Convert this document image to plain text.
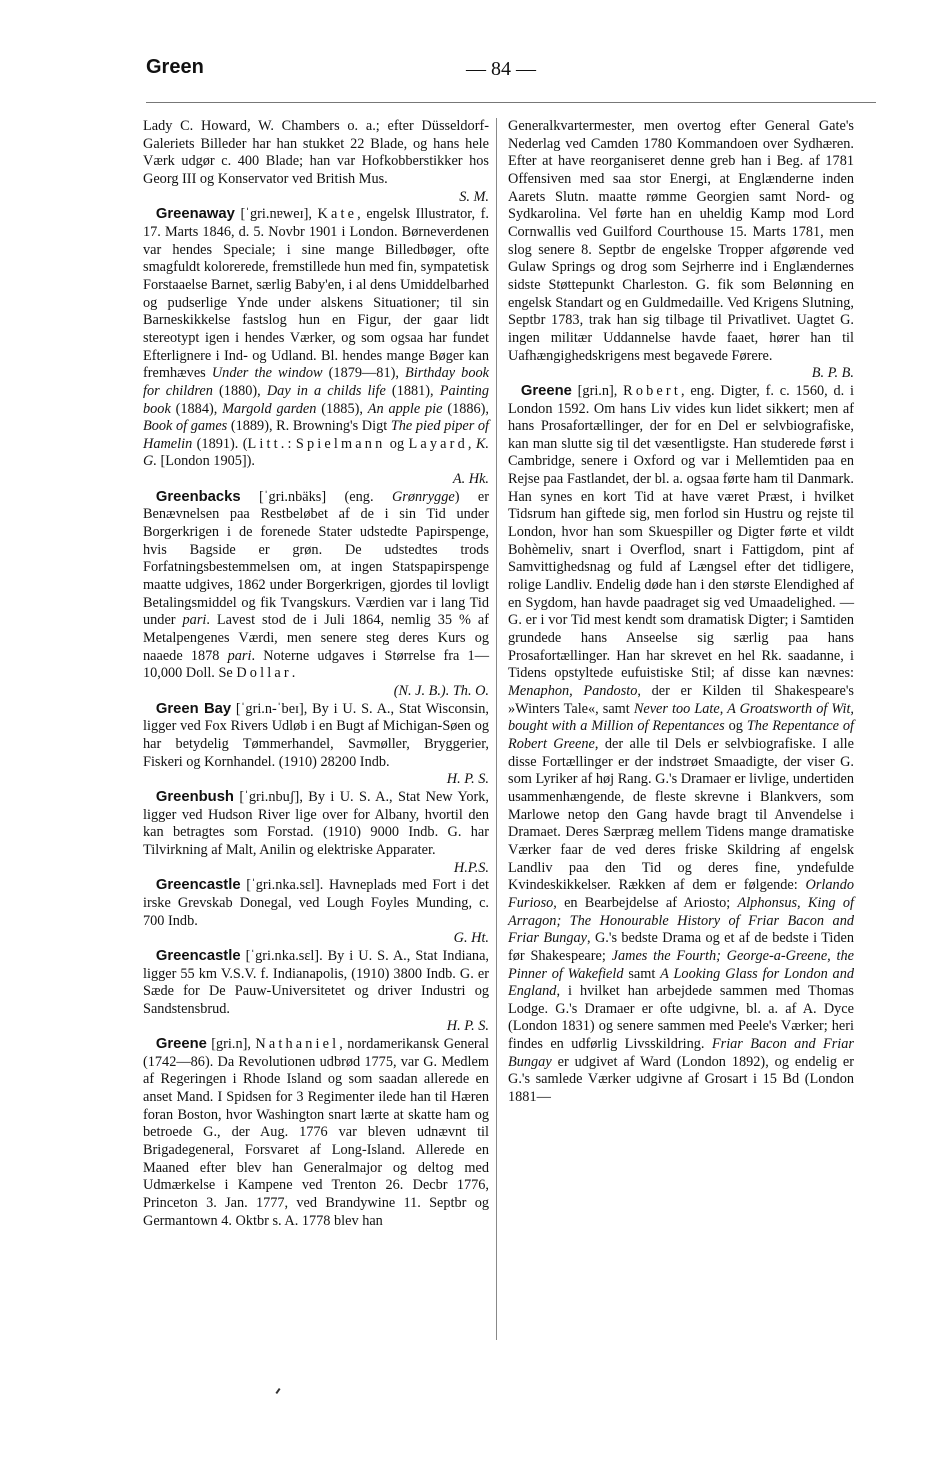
Green	— 84 —

Lady C. Howard, W. Chambers o. a.; efter Düsseldorf-Galeriets Billeder har han stukket 22 Blade, og hans hele Værk udgør c. 400 Blade; han var Hofkobberstikker hos Georg III og Konservator ved British Mus.

S. M.

Greenaway [ˈgri.nɐweɪ], Kate, engelsk Illustrator, f. 17. Marts 1846, d. 5. Novbr 1901 i London. Børneverdenen var hendes Speciale; i sine mange Billedbøger, ofte smagfuldt kolorerede, fremstillede hun med fin, sympatetisk Forstaaelse Barnet, særlig Baby'en, i al dens Umiddelbarhed og pudserlige Ynde under alskens Situationer; til sin Barneskikkelse fastslog hun en Figur, der gaar lidt stereotypt igen i hendes Værker, og som ogsaa har fundet Efterlignere i Ind- og Udland. Bl. hendes mange Bøger kan fremhæves Under the window (1879—81), Birthday book for children (1880), Day in a childs life (1881), Painting book (1884), Margold garden (1885), An apple pie (1886), Book of games (1889), R. Browning's Digt The pied piper of Hamelin (1891). (Litt.: Spielmann og Layard, K. G. [London 1905]).

A. Hk.

Greenbacks [ˈgri.nbäks] (eng. Grønrygge) er Benævnelsen paa Restbeløbet af de i sin Tid under Borgerkrigen i de forenede Stater udstedte Papirspenge, hvis Bagside er grøn. De udstedtes trods Forfatningsbestemmelsen om, at ingen Statspapirspenge maatte udgives, 1862 under Borgerkrigen, gjordes til lovligt Betalingsmiddel og fik Tvangskurs. Værdien var i lang Tid under pari. Lavest stod de i Juli 1864, nemlig 35 % af Metalpengenes Værdi, men senere steg deres Kurs og naaede 1878 pari. Noterne udgaves i Størrelse fra 1—10,000 Doll. Se Dollar.

(N. J. B.). Th. O.

Green Bay [ˈgri.n-ˈbeɪ], By i U. S. A., Stat Wisconsin, ligger ved Fox Rivers Udløb i en Bugt af Michigan-Søen og har betydelig Tømmerhandel, Savmøller, Bryggerier, Fiskeri og Kornhandel. (1910) 28200 Indb.

H. P. S.

Greenbush [ˈgri.nbuʃ], By i U. S. A., Stat New York, ligger ved Hudson River lige over for Albany, hvortil den kan betragtes som Forstad. (1910) 9000 Indb. G. har Tilvirkning af Malt, Anilin og elektriske Apparater.

H.P.S.

Greencastle [ˈgri.nka.sɛl]. Havneplads med Fort i det irske Grevskab Donegal, ved Lough Foyles Munding, c. 700 Indb.

G. Ht.

Greencastle [ˈgri.nka.sɛl]. By i U. S. A., Stat Indiana, ligger 55 km V.S.V. f. Indianapolis, (1910) 3800 Indb. G. er Sæde for De Pauw-Universitetet og driver Industri og Sandstensbrud.

H. P. S.

Greene [gri.n], Nathaniel, nordamerikansk General (1742—86). Da Revolutionen udbrød 1775, var G. Medlem af Regeringen i Rhode Island og som saadan allerede en anset Mand. I Spidsen for 3 Regimenter ilede han til Hæren foran Boston, hvor Washington snart lærte at skatte ham og betroede G., der Aug. 1776 var bleven udnævnt til Brigadegeneral, Forsvaret af Long-Island. Allerede en Maaned efter blev han Generalmajor og deltog med Udmærkelse i Kampene ved Trenton 26. Decbr 1776, Princeton 3. Jan. 1777, ved Brandywine 11. Septbr og Germantown 4. Oktbr s. A. 1778 blev han

Generalkvartermester, men overtog efter General Gate's Nederlag ved Camden 1780 Kommandoen over Sydhæren. Efter at have reorganiseret denne greb han i Beg. af 1781 Offensiven med saa stor Energi, at Englænderne inden Aarets Slutn. maatte rømme Georgien samt Nord- og Sydkarolina. Vel førte han en uheldig Kamp mod Lord Cornwallis ved Guilford Courthouse 15. Marts 1781, men slog senere 8. Septbr de engelske Tropper afgørende ved Gulaw Springs og drog som Sejrherre ind i Englændernes sidste Støttepunkt Charleston. G. fik som Belønning en engelsk Standart og en Guldmedaille. Ved Krigens Slutning, Septbr 1783, trak han sig tilbage til Privatlivet. Uagtet G. ingen militær Uddannelse havde faaet, hører han til Uafhængighedskrigens mest begavede Førere.

B. P. B.

Greene [gri.n], Robert, eng. Digter, f. c. 1560, d. i London 1592. Om hans Liv vides kun lidet sikkert; men af hans Prosafortællinger, der for en Del er selvbiografiske, kan man slutte sig til det væsentligste. Han studerede først i Cambridge, senere i Oxford og var i Mellemtiden paa en Rejse paa Fastlandet, der bl. a. ogsaa førte ham til Danmark. Han synes en kort Tid at have været Præst, i hvilket Tidsrum han giftede sig, men forlod sin Hustru og rejste til London, hvor han som Skuespiller og Digter førte et vildt Bohèmeliv, snart i Overflod, snart i Fattigdom, pint af Samvittighedsnag og fuld af Længsel efter det tidligere, rolige Landliv. Endelig døde han i den største Elendighed af en Sygdom, han havde paadraget sig ved Umaadelighed. — G. er i vor Tid mest kendt som dramatisk Digter; i Samtiden grundede hans Anseelse sig særlig paa hans Prosafortællinger. Han har skrevet en hel Rk. saadanne, i Tidens opstyltede eufuistiske Stil; af disse kan nævnes: Menaphon, Pandosto, der er Kilden til Shakespeare's »Winters Tale«, samt Never too Late, A Groatsworth of Wit, bought with a Million of Repentances og The Repentance of Robert Greene, der alle til Dels er selvbiografiske. I alle disse Fortællinger er der indstrøet Smaadigte, der viser G. som Lyriker af høj Rang. G.'s Dramaer er livlige, undertiden usammenhængende, de fleste skrevne i Blankvers, som Marlowe netop den Gang havde bragt til Anvendelse i Dramaet. Deres Særpræg mellem Tidens mange dramatiske Værker faar de ved deres friske Skildring af engelsk Landliv paa den Tid og deres fine, yndefulde Kvindeskikkelser. Rækken af dem er følgende: Orlando Furioso, en Bearbejdelse af Ariosto; Alphonsus, King of Arragon; The Honourable History of Friar Bacon and Friar Bungay, G.'s bedste Drama og et af de bedste i Tiden før Shakespeare; James the Fourth; George-a-Greene, the Pinner of Wakefield samt A Looking Glass for London and England, i hvilket han arbejdede sammen med Thomas Lodge. G.'s Dramaer er ofte udgivne, bl. a. af A. Dyce (London 1831) og senere sammen med Peele's Værker; heri findes en udførlig Livsskildring. Friar Bacon and Friar Bungay er udgivet af Ward (London 1892), og endelig er G.'s samlede Værker udgivne af Grosart i 15 Bd (London 1881—
